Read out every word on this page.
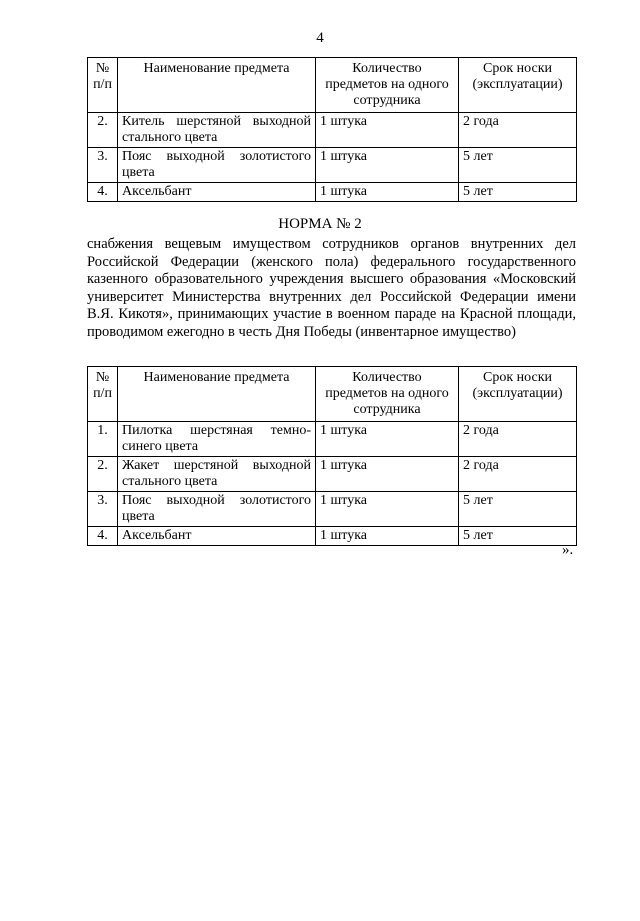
4
№ п/п	Наименование предмета	Количество предметов на одного сотрудника	Срок носки (эксплуатации)
2.	Китель шерстяной выходной стального цвета	1 штука	2 года
3.	Пояс выходной золотистого цвета	1 штука	5 лет
4.	Аксельбант	1 штука	5 лет
НОРМА № 2
снабжения вещевым имуществом сотрудников органов внутренних дел Российской Федерации (женского пола) федерального государственного казенного образовательного учреждения высшего образования «Московский университет Министерства внутренних дел Российской Федерации имени В.Я. Кикотя», принимающих участие в военном параде на Красной площади, проводимом ежегодно в честь Дня Победы (инвентарное имущество)
№ п/п	Наименование предмета	Количество предметов на одного сотрудника	Срок носки (эксплуатации)
1.	Пилотка шерстяная темно-синего цвета	1 штука	2 года
2.	Жакет шерстяной выходной стального цвета	1 штука	2 года
3.	Пояс выходной золотистого цвета	1 штука	5 лет
4.	Аксельбант	1 штука	5 лет
».
